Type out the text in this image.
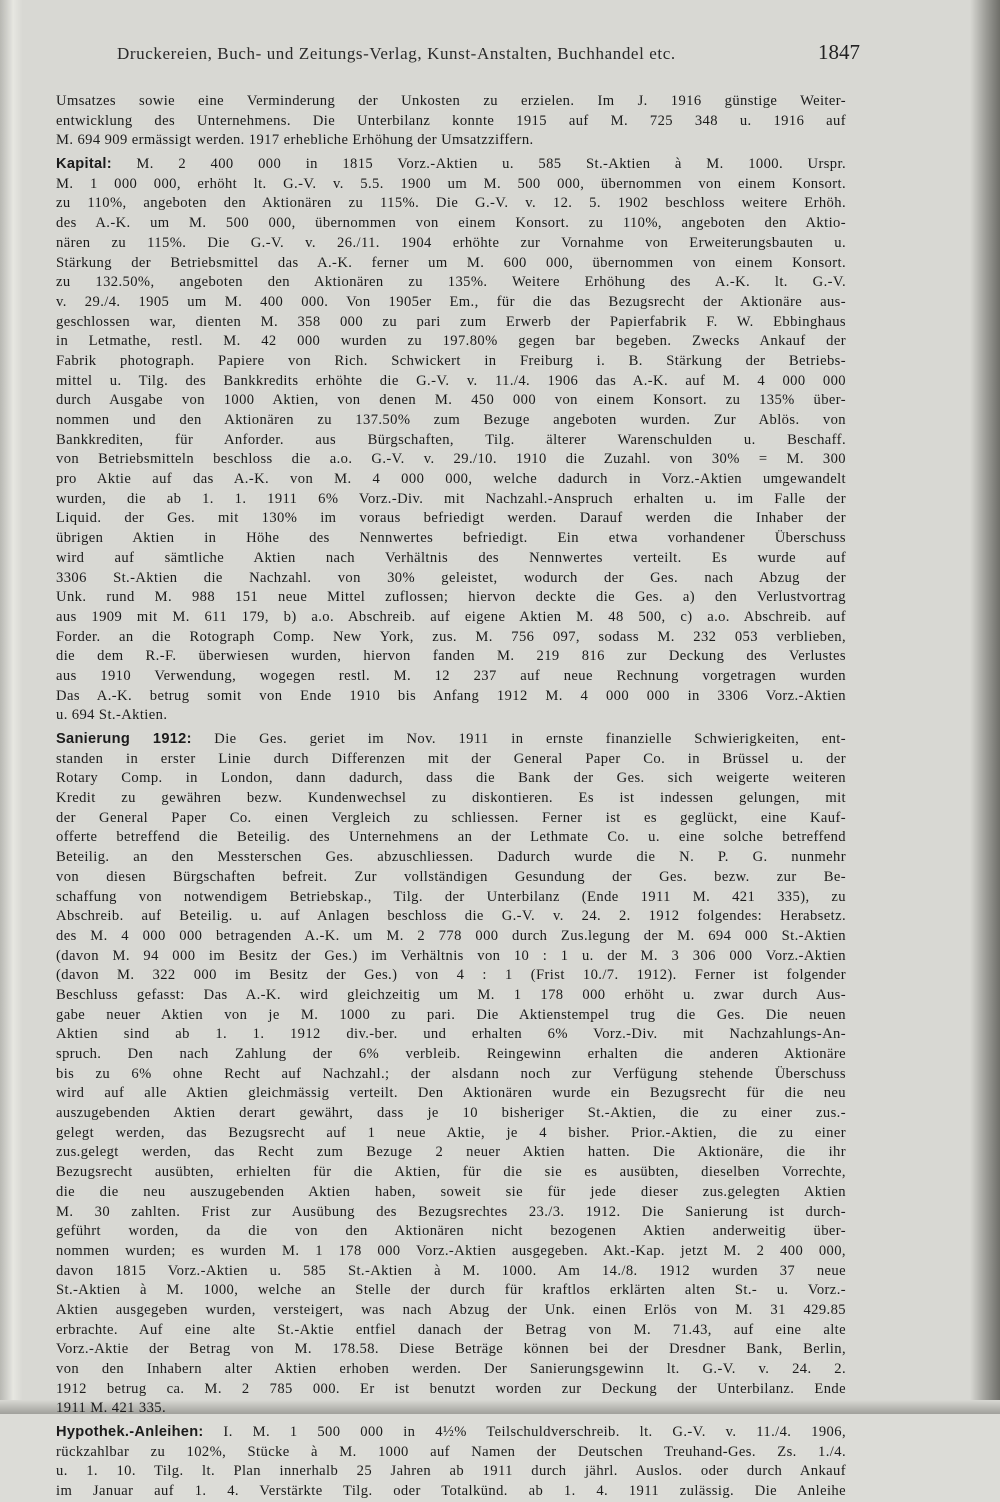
Druckereien, Buch- und Zeitungs-Verlag, Kunst-Anstalten, Buchhandel etc.	1847
Umsatzes sowie eine Verminderung der Unkosten zu erzielen. Im J. 1916 günstige Weiter-
entwicklung des Unternehmens. Die Unterbilanz konnte 1915 auf M. 725 348 u. 1916 auf
M. 694 909 ermässigt werden. 1917 erhebliche Erhöhung der Umsatzziffern.
Kapital: M. 2 400 000 in 1815 Vorz.-Aktien u. 585 St.-Aktien à M. 1000. Urspr.
M. 1 000 000, erhöht lt. G.-V. v. 5.5. 1900 um M. 500 000, übernommen von einem Konsort.
zu 110%, angeboten den Aktionären zu 115%. Die G.-V. v. 12. 5. 1902 beschloss weitere Erhöh.
des A.-K. um M. 500 000, übernommen von einem Konsort. zu 110%, angeboten den Aktio-
nären zu 115%. Die G.-V. v. 26./11. 1904 erhöhte zur Vornahme von Erweiterungsbauten u.
Stärkung der Betriebsmittel das A.-K. ferner um M. 600 000, übernommen von einem Konsort.
zu 132.50%, angeboten den Aktionären zu 135%. Weitere Erhöhung des A.-K. lt. G.-V.
v. 29./4. 1905 um M. 400 000. Von 1905er Em., für die das Bezugsrecht der Aktionäre aus-
geschlossen war, dienten M. 358 000 zu pari zum Erwerb der Papierfabrik F. W. Ebbinghaus
in Letmathe, restl. M. 42 000 wurden zu 197.80% gegen bar begeben. Zwecks Ankauf der
Fabrik photograph. Papiere von Rich. Schwickert in Freiburg i. B. Stärkung der Betriebs-
mittel u. Tilg. des Bankkredits erhöhte die G.-V. v. 11./4. 1906 das A.-K. auf M. 4 000 000
durch Ausgabe von 1000 Aktien, von denen M. 450 000 von einem Konsort. zu 135% über-
nommen und den Aktionären zu 137.50% zum Bezuge angeboten wurden. Zur Ablös. von
Bankkrediten, für Anforder. aus Bürgschaften, Tilg. älterer Warenschulden u. Beschaff.
von Betriebsmitteln beschloss die a.o. G.-V. v. 29./10. 1910 die Zuzahl. von 30% = M. 300
pro Aktie auf das A.-K. von M. 4 000 000, welche dadurch in Vorz.-Aktien umgewandelt
wurden, die ab 1. 1. 1911 6% Vorz.-Div. mit Nachzahl.-Anspruch erhalten u. im Falle der
Liquid. der Ges. mit 130% im voraus befriedigt werden. Darauf werden die Inhaber der
übrigen Aktien in Höhe des Nennwertes befriedigt. Ein etwa vorhandener Überschuss
wird auf sämtliche Aktien nach Verhältnis des Nennwertes verteilt. Es wurde auf
3306 St.-Aktien die Nachzahl. von 30% geleistet, wodurch der Ges. nach Abzug der
Unk. rund M. 988 151 neue Mittel zuflossen; hiervon deckte die Ges. a) den Verlustvortrag
aus 1909 mit M. 611 179, b) a.o. Abschreib. auf eigene Aktien M. 48 500, c) a.o. Abschreib. auf
Forder. an die Rotograph Comp. New York, zus. M. 756 097, sodass M. 232 053 verblieben,
die dem R.-F. überwiesen wurden, hiervon fanden M. 219 816 zur Deckung des Verlustes
aus 1910 Verwendung, wogegen restl. M. 12 237 auf neue Rechnung vorgetragen wurden
Das A.-K. betrug somit von Ende 1910 bis Anfang 1912 M. 4 000 000 in 3306 Vorz.-Aktien
u. 694 St.-Aktien.
Sanierung 1912: Die Ges. geriet im Nov. 1911 in ernste finanzielle Schwierigkeiten, ent-
standen in erster Linie durch Differenzen mit der General Paper Co. in Brüssel u. der
Rotary Comp. in London, dann dadurch, dass die Bank der Ges. sich weigerte weiteren
Kredit zu gewähren bezw. Kundenwechsel zu diskontieren. Es ist indessen gelungen, mit
der General Paper Co. einen Vergleich zu schliessen. Ferner ist es geglückt, eine Kauf-
offerte betreffend die Beteilig. des Unternehmens an der Lethmate Co. u. eine solche betreffend
Beteilig. an den Messterschen Ges. abzuschliessen. Dadurch wurde die N. P. G. nunmehr
von diesen Bürgschaften befreit. Zur vollständigen Gesundung der Ges. bezw. zur Be-
schaffung von notwendigem Betriebskap., Tilg. der Unterbilanz (Ende 1911 M. 421 335), zu
Abschreib. auf Beteilig. u. auf Anlagen beschloss die G.-V. v. 24. 2. 1912 folgendes: Herabsetz.
des M. 4 000 000 betragenden A.-K. um M. 2 778 000 durch Zus.legung der M. 694 000 St.-Aktien
(davon M. 94 000 im Besitz der Ges.) im Verhältnis von 10 : 1 u. der M. 3 306 000 Vorz.-Aktien
(davon M. 322 000 im Besitz der Ges.) von 4 : 1 (Frist 10./7. 1912). Ferner ist folgender
Beschluss gefasst: Das A.-K. wird gleichzeitig um M. 1 178 000 erhöht u. zwar durch Aus-
gabe neuer Aktien von je M. 1000 zu pari. Die Aktienstempel trug die Ges. Die neuen
Aktien sind ab 1. 1. 1912 div.-ber. und erhalten 6% Vorz.-Div. mit Nachzahlungs-An-
spruch. Den nach Zahlung der 6% verbleib. Reingewinn erhalten die anderen Aktionäre
bis zu 6% ohne Recht auf Nachzahl.; der alsdann noch zur Verfügung stehende Überschuss
wird auf alle Aktien gleichmässig verteilt. Den Aktionären wurde ein Bezugsrecht für die neu
auszugebenden Aktien derart gewährt, dass je 10 bisheriger St.-Aktien, die zu einer zus.-
gelegt werden, das Bezugsrecht auf 1 neue Aktie, je 4 bisher. Prior.-Aktien, die zu einer
zus.gelegt werden, das Recht zum Bezuge 2 neuer Aktien hatten. Die Aktionäre, die ihr
Bezugsrecht ausübten, erhielten für die Aktien, für die sie es ausübten, dieselben Vorrechte,
die die neu auszugebenden Aktien haben, soweit sie für jede dieser zus.gelegten Aktien
M. 30 zahlten. Frist zur Ausübung des Bezugsrechtes 23./3. 1912. Die Sanierung ist durch-
geführt worden, da die von den Aktionären nicht bezogenen Aktien anderweitig über-
nommen wurden; es wurden M. 1 178 000 Vorz.-Aktien ausgegeben. Akt.-Kap. jetzt M. 2 400 000,
davon 1815 Vorz.-Aktien u. 585 St.-Aktien à M. 1000. Am 14./8. 1912 wurden 37 neue
St.-Aktien à M. 1000, welche an Stelle der durch für kraftlos erklärten alten St.- u. Vorz.-
Aktien ausgegeben wurden, versteigert, was nach Abzug der Unk. einen Erlös von M. 31 429.85
erbrachte. Auf eine alte St.-Aktie entfiel danach der Betrag von M. 71.43, auf eine alte
Vorz.-Aktie der Betrag von M. 178.58. Diese Beträge können bei der Dresdner Bank, Berlin,
von den Inhabern alter Aktien erhoben werden. Der Sanierungsgewinn lt. G.-V. v. 24. 2.
1912 betrug ca. M. 2 785 000. Er ist benutzt worden zur Deckung der Unterbilanz. Ende
1911 M. 421 335.
Hypothek.-Anleihen: I. M. 1 500 000 in 4½% Teilschuldverschreib. lt. G.-V. v. 11./4. 1906,
rückzahlbar zu 102%, Stücke à M. 1000 auf Namen der Deutschen Treuhand-Ges. Zs. 1./4.
u. 1. 10. Tilg. lt. Plan innerhalb 25 Jahren ab 1911 durch jährl. Auslos. oder durch Ankauf
im Januar auf 1. 4. Verstärkte Tilg. oder Totalkünd. ab 1. 4. 1911 zulässig. Die Anleihe
